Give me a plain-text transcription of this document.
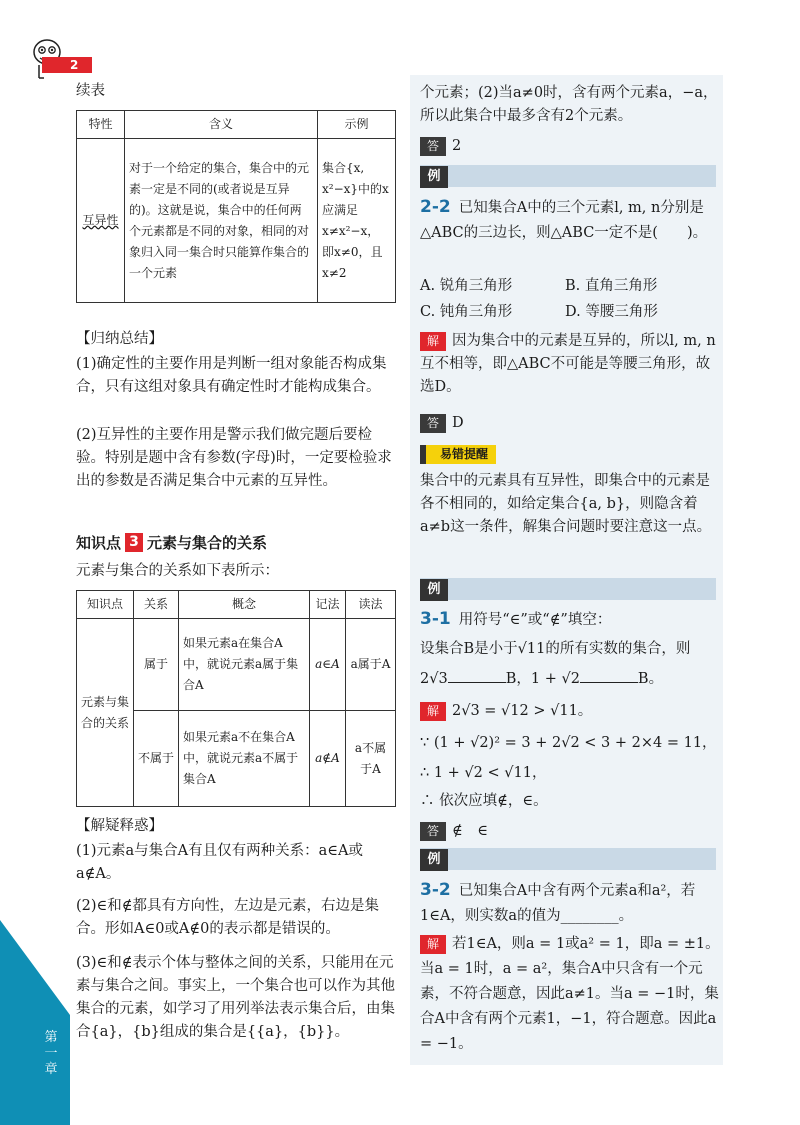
第一章
2
续表
特性	含义	示例
互异性	对于一个给定的集合，集合中的元素一定是不同的(或者说是互异的)。这就是说，集合中的任何两个元素都是不同的对象，相同的对象归入同一集合时只能算作集合的一个元素	集合{x, x²−x}中的x应满足x≠x²−x，即x≠0，且x≠2
【归纳总结】
(1)确定性的主要作用是判断一组对象能否构成集合，只有这组对象具有确定性时才能构成集合。
(2)互异性的主要作用是警示我们做完题后要检验。特别是题中含有参数(字母)时，一定要检验求出的参数是否满足集合中元素的互异性。
知识点 3 元素与集合的关系
元素与集合的关系如下表所示：
知识点	关系	概念	记法	读法
元素与集合的关系	属于	如果元素a在集合A中，就说元素a属于集合A	a∈A	a属于A
	不属于	如果元素a不在集合A中，就说元素a不属于集合A	a∉A	a不属于A
【解疑释惑】
(1)元素a与集合A有且仅有两种关系：a∈A或a∉A。
(2)∈和∉都具有方向性，左边是元素，右边是集合。形如A∈0或A∉0的表示都是错误的。
(3)∈和∉表示个体与整体之间的关系，只能用在元素与集合之间。事实上，一个集合也可以作为其他集合的元素，如学习了用列举法表示集合后，由集合{a}，{b}组成的集合是{{a}，{b}}。
个元素；(2)当a≠0时，含有两个元素a，−a，所以此集合中最多含有2个元素。
答 2
例
2-2 已知集合A中的三个元素l, m, n分别是△ABC的三边长，则△ABC一定不是(　　)。
A. 锐角三角形	B. 直角三角形
C. 钝角三角形	D. 等腰三角形
解 因为集合中的元素是互异的，所以l, m, n互不相等，即△ABC不可能是等腰三角形，故选D。
答 D
易错提醒
集合中的元素具有互异性，即集合中的元素是各不相同的，如给定集合{a, b}，则隐含着a≠b这一条件，解集合问题时要注意这一点。
例
3-1 用符号“∈”或“∉”填空：
设集合B是小于√11的所有实数的集合，则
2√3	B，1 + √2	B。
解 2√3 = √12 > √11。
∵ (1 + √2)² = 3 + 2√2 < 3 + 2×4 = 11，
∴ 1 + √2 < √11，
∴ 依次应填∉，∈。
答 ∉　∈
例
3-2 已知集合A中含有两个元素a和a²，若1∈A，则实数a的值为________。
解 若1∈A，则a = 1或a² = 1，即a = ±1。当a = 1时，a = a²，集合A中只含有一个元素，不符合题意，因此a≠1。当a = −1时，集合A中含有两个元素1，−1，符合题意。因此a = −1。
